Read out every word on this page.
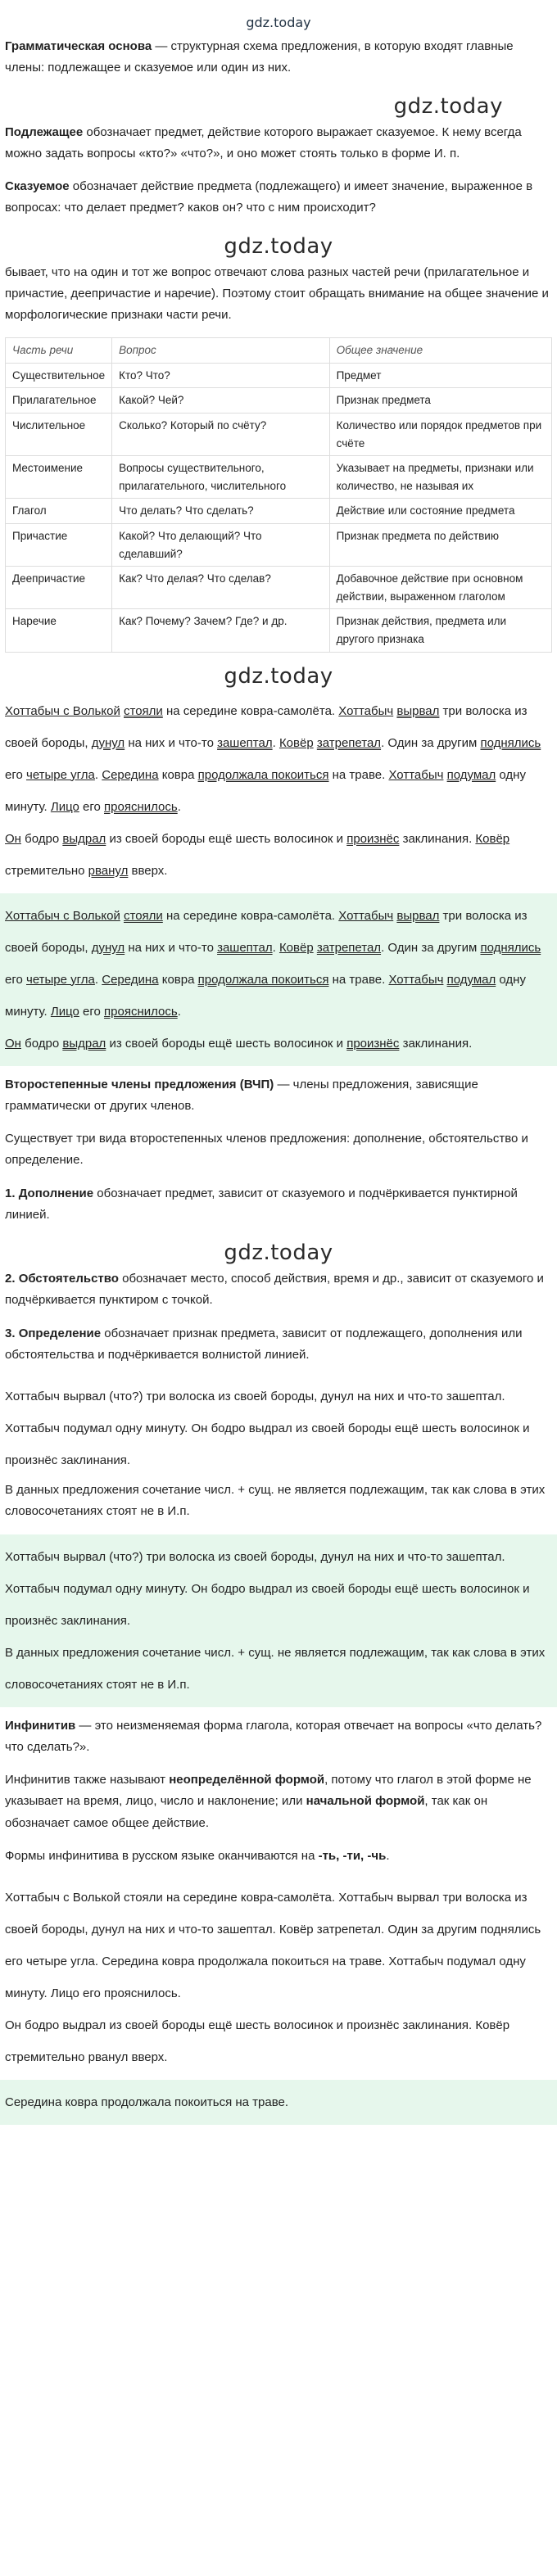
gdz.today

Грамматическая основа — структурная схема предложения, в которую входят главные члены: подлежащее и сказуемое или один из них.

gdz.today

Подлежащее обозначает предмет, действие которого выражает сказуемое. К нему всегда можно задать вопросы «кто?» «что?», и оно может стоять только в форме И. п.

Сказуемое обозначает действие предмета (подлежащего) и имеет значение, выраженное в вопросах: что делает предмет? каков он? что с ним происходит?

gdz.today

бывает, что на один и тот же вопрос отвечают слова разных частей речи (прилагательное и причастие, деепричастие и наречие). Поэтому стоит обращать внимание на общее значение и морфологические признаки части речи.

Часть речи	Вопрос	Общее значение
Существительное	Кто? Что?	Предмет
Прилагательное	Какой? Чей?	Признак предмета
Числительное	Сколько? Который по счёту?	Количество или порядок предметов при счёте
Местоимение	Вопросы существительного, прилагательного, числительного	Указывает на предметы, признаки или количество, не называя их
Глагол	Что делать? Что сделать?	Действие или состояние предмета
Причастие	Какой? Что делающий? Что сделавший?	Признак предмета по действию
Деепричастие	Как? Что делая? Что сделав?	Добавочное действие при основном действии, выраженном глаголом
Наречие	Как? Почему? Зачем? Где? и др.	Признак действия, предмета или другого признака
gdz.today
Хоттабыч с Волькой стояли на середине ковра-самолёта. Хоттабыч вырвал три волоска из своей бороды, дунул на них и что-то зашептал. Ковёр затрепетал. Один за другим поднялись его четыре угла. Середина ковра продолжала покоиться на траве. Хоттабыч подумал одну минуту. Лицо его прояснилось.
Он бодро выдрал из своей бороды ещё шесть волосинок и произнёс заклинания. Ковёр стремительно рванул вверх.
Хоттабыч с Волькой стояли на середине ковра-самолёта. Хоттабыч вырвал три волоска из своей бороды, дунул на них и что-то зашептал. Ковёр затрепетал. Один за другим поднялись его четыре угла. Середина ковра продолжала покоиться на траве. Хоттабыч подумал одну минуту. Лицо его прояснилось.
Он бодро выдрал из своей бороды ещё шесть волосинок и произнёс заклинания.

Второстепенные члены предложения (ВЧП) — члены предложения, зависящие грамматически от других членов.

Существует три вида второстепенных членов предложения: дополнение, обстоятельство и определение.

1. Дополнение обозначает предмет, зависит от сказуемого и подчёркивается пунктирной линией.

gdz.today

2. Обстоятельство обозначает место, способ действия, время и др., зависит от сказуемого и подчёркивается пунктиром с точкой.

3. Определение обозначает признак предмета, зависит от подлежащего, дополнения или обстоятельства и подчёркивается волнистой линией.

Хоттабыч вырвал (что?) три волоска из своей бороды, дунул на них и что-то зашептал. Хоттабыч подумал одну минуту. Он бодро выдрал из своей бороды ещё шесть волосинок и произнёс заклинания.

В данных предложения сочетание числ. + сущ. не является подлежащим, так как слова в этих словосочетаниях стоят не в И.п.

Хоттабыч вырвал (что?) три волоска из своей бороды, дунул на них и что-то зашептал. Хоттабыч подумал одну минуту. Он бодро выдрал из своей бороды ещё шесть волосинок и произнёс заклинания.
В данных предложения сочетание числ. + сущ. не является подлежащим, так как слова в этих словосочетаниях стоят не в И.п.

Инфинитив — это неизменяемая форма глагола, которая отвечает на вопросы «что делать? что сделать?».

Инфинитив также называют неопределённой формой, потому что глагол в этой форме не указывает на время, лицо, число и наклонение; или начальной формой, так как он обозначает самое общее действие.

Формы инфинитива в русском языке оканчиваются на -ть, -ти, -чь.

Хоттабыч с Волькой стояли на середине ковра-самолёта. Хоттабыч вырвал три волоска из своей бороды, дунул на них и что-то зашептал. Ковёр затрепетал. Один за другим поднялись его четыре угла. Середина ковра продолжала покоиться на траве. Хоттабыч подумал одну минуту. Лицо его прояснилось.
Он бодро выдрал из своей бороды ещё шесть волосинок и произнёс заклинания. Ковёр стремительно рванул вверх.
Середина ковра продолжала покоиться на траве.
